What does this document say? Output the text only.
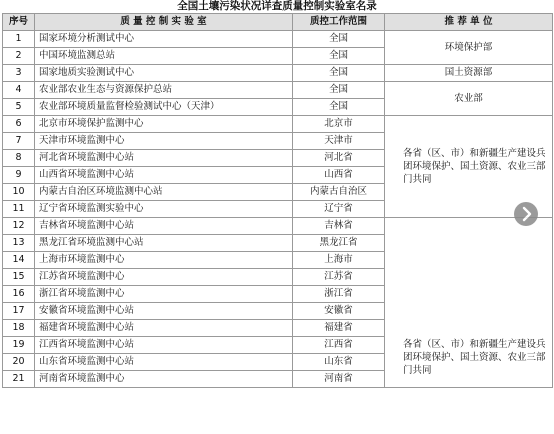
全国土壤污染状况详查质量控制实验室名录
序号	质 量 控 制 实 验 室	质控工作范围	推 荐 单 位
1	国家环境分析测试中心	全国	环境保护部
2	中国环境监测总站	全国	
3	国家地质实验测试中心	全国	国土资源部
4	农业部农业生态与资源保护总站	全国	农业部
5	农业部环境质量监督检验测试中心（天津）	全国	
6	北京市环境保护监测中心	北京市	各省（区、市）和新疆生产建设兵团环境保护、国土资源、农业三部门共同
7	天津市环境监测中心	天津市	
8	河北省环境监测中心站	河北省	
9	山西省环境监测中心站	山西省	
10	内蒙古自治区环境监测中心站	内蒙古自治区	
11	辽宁省环境监测实验中心	辽宁省	
12	吉林省环境监测中心站	吉林省	各省（区、市）和新疆生产建设兵团环境保护、国土资源、农业三部门共同
13	黑龙江省环境监测中心站	黑龙江省	
14	上海市环境监测中心	上海市	
15	江苏省环境监测中心	江苏省	
16	浙江省环境监测中心	浙江省	
17	安徽省环境监测中心站	安徽省	
18	福建省环境监测中心站	福建省	
19	江西省环境监测中心站	江西省	
20	山东省环境监测中心站	山东省	
21	河南省环境监测中心	河南省	
